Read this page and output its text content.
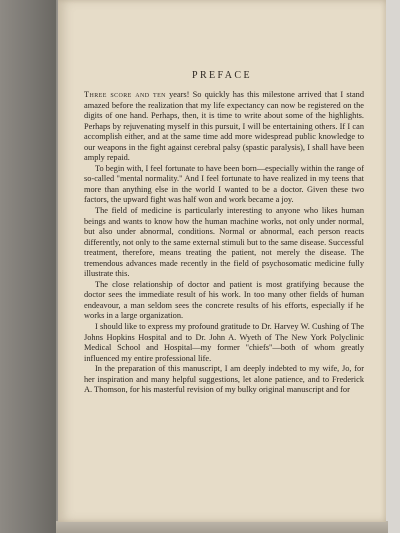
PREFACE

Three score and ten years! So quickly has this milestone arrived that I stand amazed before the realization that my life expectancy can now be registered on the digits of one hand. Perhaps, then, it is time to write about some of the highlights. Perhaps by rejuvenating myself in this pursuit, I will be entertaining others. If I can accomplish either, and at the same time add more widespread public knowledge to our weapons in the fight against cerebral palsy (spastic paralysis), I shall have been amply repaid.

To begin with, I feel fortunate to have been born—especially within the range of so-called "mental normality." And I feel fortunate to have realized in my teens that more than anything else in the world I wanted to be a doctor. Given these two factors, the upward fight was half won and work became a joy.

The field of medicine is particularly interesting to anyone who likes human beings and wants to know how the human machine works, not only under normal, but also under abnormal, conditions. Normal or abnormal, each person reacts differently, not only to the same external stimuli but to the same disease. Successful treatment, therefore, means treating the patient, not merely the disease. The tremendous advances made recently in the field of psychosomatic medicine fully illustrate this.

The close relationship of doctor and patient is most gratifying because the doctor sees the immediate result of his work. In too many other fields of human endeavour, a man seldom sees the concrete results of his efforts, especially if he works in a large organization.

I should like to express my profound gratitude to Dr. Harvey W. Cushing of The Johns Hopkins Hospital and to Dr. John A. Wyeth of The New York Polyclinic Medical School and Hospital—my former "chiefs"—both of whom greatly influenced my entire professional life.

In the preparation of this manuscript, I am deeply indebted to my wife, Jo, for her inspiration and many helpful suggestions, let alone patience, and to Frederick A. Thomson, for his masterful revision of my bulky original manuscript and for
